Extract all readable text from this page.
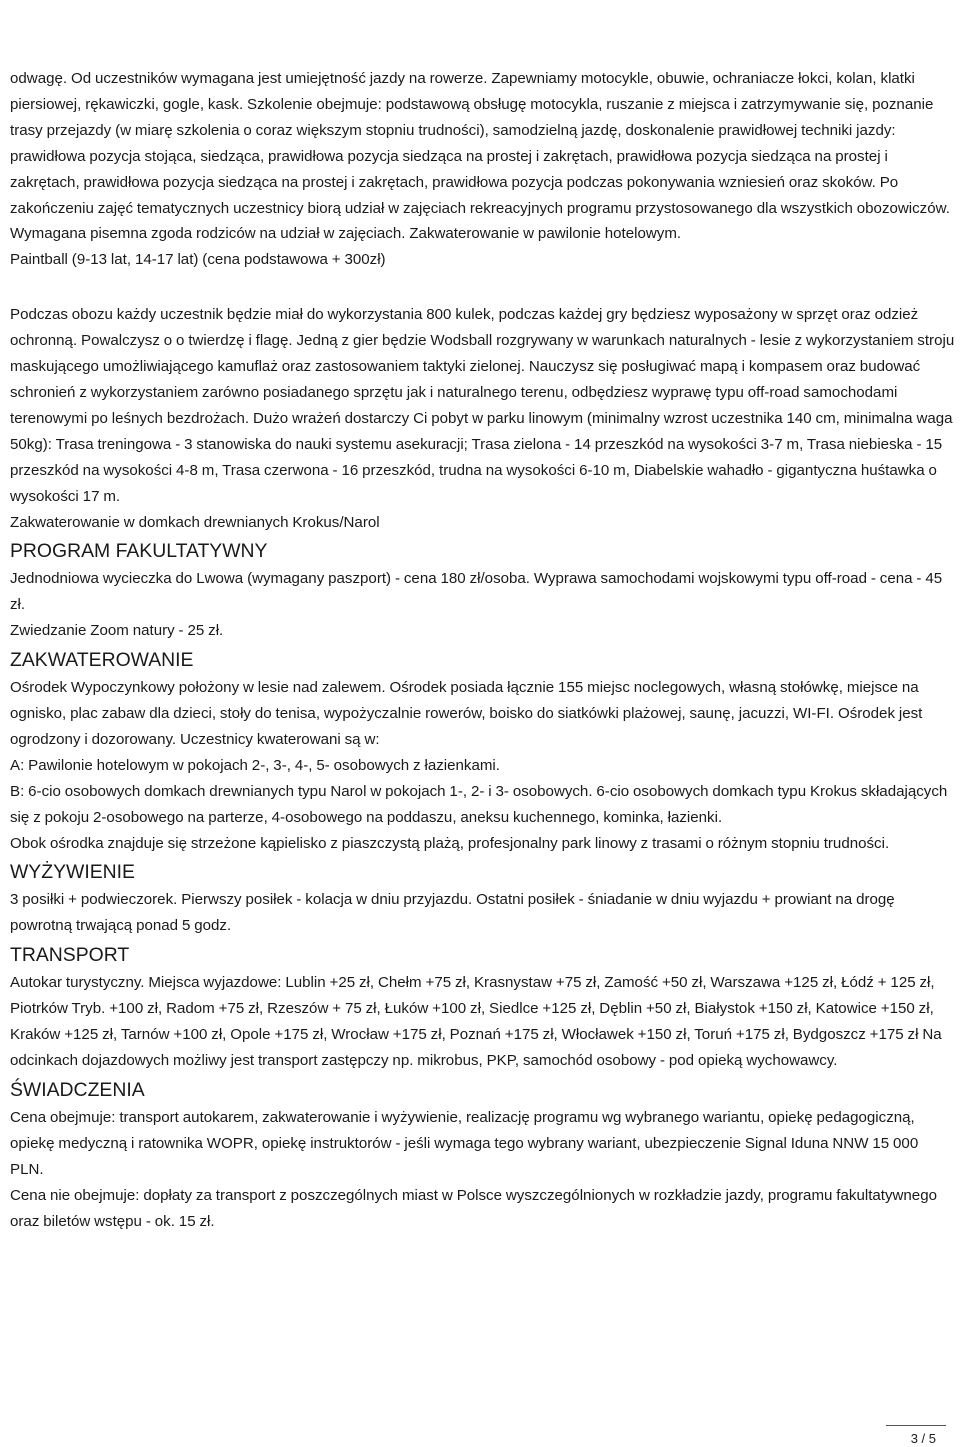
odwagę. Od uczestników wymagana jest umiejętność jazdy na rowerze. Zapewniamy motocykle, obuwie, ochraniacze łokci, kolan, klatki piersiowej, rękawiczki, gogle, kask. Szkolenie obejmuje: podstawową obsługę motocykla, ruszanie z miejsca i zatrzymywanie się, poznanie trasy przejazdy (w miarę szkolenia o coraz większym stopniu trudności), samodzielną jazdę, doskonalenie prawidłowej techniki jazdy: prawidłowa pozycja stojąca, siedząca, prawidłowa pozycja siedząca na prostej i zakrętach, prawidłowa pozycja siedząca na prostej i zakrętach, prawidłowa pozycja siedząca na prostej i zakrętach, prawidłowa pozycja podczas pokonywania wzniesień oraz skoków. Po zakończeniu zajęć tematycznych uczestnicy biorą udział w zajęciach rekreacyjnych programu przystosowanego dla wszystkich obozowiczów. Wymagana pisemna zgoda rodziców na udział w zajęciach. Zakwaterowanie w pawilonie hotelowym.

Paintball (9-13 lat, 14-17 lat) (cena podstawowa + 300zł)

Podczas obozu każdy uczestnik będzie miał do wykorzystania 800 kulek, podczas każdej gry będziesz wyposażony w sprzęt oraz odzież ochronną. Powalczysz o o twierdzę i flagę. Jedną z gier będzie Wodsball rozgrywany w warunkach naturalnych - lesie z wykorzystaniem stroju maskującego umożliwiającego kamuflaż oraz zastosowaniem taktyki zielonej. Nauczysz się posługiwać mapą i kompasem oraz budować schronień z wykorzystaniem zarówno posiadanego sprzętu jak i naturalnego terenu, odbędziesz wyprawę typu off-road samochodami terenowymi po leśnych bezdrożach. Dużo wrażeń dostarczy Ci pobyt w parku linowym (minimalny wzrost uczestnika 140 cm, minimalna waga 50kg): Trasa treningowa - 3 stanowiska do nauki systemu asekuracji; Trasa zielona - 14 przeszkód na wysokości 3-7 m, Trasa niebieska - 15 przeszkód na wysokości 4-8 m, Trasa czerwona - 16 przeszkód, trudna na wysokości 6-10 m, Diabelskie wahadło - gigantyczna huśtawka o wysokości 17 m.

Zakwaterowanie w domkach drewnianych Krokus/Narol

PROGRAM FAKULTATYWNY

Jednodniowa wycieczka do Lwowa (wymagany paszport) - cena 180 zł/osoba. Wyprawa samochodami wojskowymi typu off-road - cena - 45 zł.

Zwiedzanie Zoom natury - 25 zł.

ZAKWATEROWANIE

Ośrodek Wypoczynkowy położony w lesie nad zalewem. Ośrodek posiada łącznie 155 miejsc noclegowych, własną stołówkę, miejsce na ognisko, plac zabaw dla dzieci, stoły do tenisa, wypożyczalnie rowerów, boisko do siatkówki plażowej, saunę, jacuzzi, WI-FI. Ośrodek jest ogrodzony i dozorowany. Uczestnicy kwaterowani są w:

A: Pawilonie hotelowym w pokojach 2-, 3-, 4-, 5- osobowych z łazienkami.

B: 6-cio osobowych domkach drewnianych typu Narol w pokojach 1-, 2- i 3- osobowych. 6-cio osobowych domkach typu Krokus składających się z pokoju 2-osobowego na parterze, 4-osobowego na poddaszu, aneksu kuchennego, kominka, łazienki.

Obok ośrodka znajduje się strzeżone kąpielisko z piaszczystą plażą, profesjonalny park linowy z trasami o różnym stopniu trudności.

WYŻYWIENIE

3 posiłki + podwieczorek. Pierwszy posiłek - kolacja w dniu przyjazdu. Ostatni posiłek - śniadanie w dniu wyjazdu + prowiant na drogę powrotną trwającą ponad 5 godz.

TRANSPORT

Autokar turystyczny. Miejsca wyjazdowe: Lublin +25 zł, Chełm +75 zł, Krasnystaw +75 zł, Zamość +50 zł, Warszawa +125 zł, Łódź + 125 zł, Piotrków Tryb. +100 zł, Radom +75 zł, Rzeszów + 75 zł, Łuków +100 zł, Siedlce +125 zł, Dęblin +50 zł, Białystok +150 zł, Katowice +150 zł, Kraków +125 zł, Tarnów +100 zł, Opole +175 zł, Wrocław +175 zł, Poznań +175 zł, Włocławek +150 zł, Toruń +175 zł, Bydgoszcz +175 zł Na odcinkach dojazdowych możliwy jest transport zastępczy np. mikrobus, PKP, samochód osobowy - pod opieką wychowawcy.

ŚWIADCZENIA

Cena obejmuje: transport autokarem, zakwaterowanie i wyżywienie, realizację programu wg wybranego wariantu, opiekę pedagogiczną, opiekę medyczną i ratownika WOPR, opiekę instruktorów - jeśli wymaga tego wybrany wariant, ubezpieczenie Signal Iduna NNW 15 000 PLN.

Cena nie obejmuje: dopłaty za transport z poszczególnych miast w Polsce wyszczególnionych w rozkładzie jazdy, programu fakultatywnego oraz biletów wstępu - ok. 15 zł.

3 / 5
